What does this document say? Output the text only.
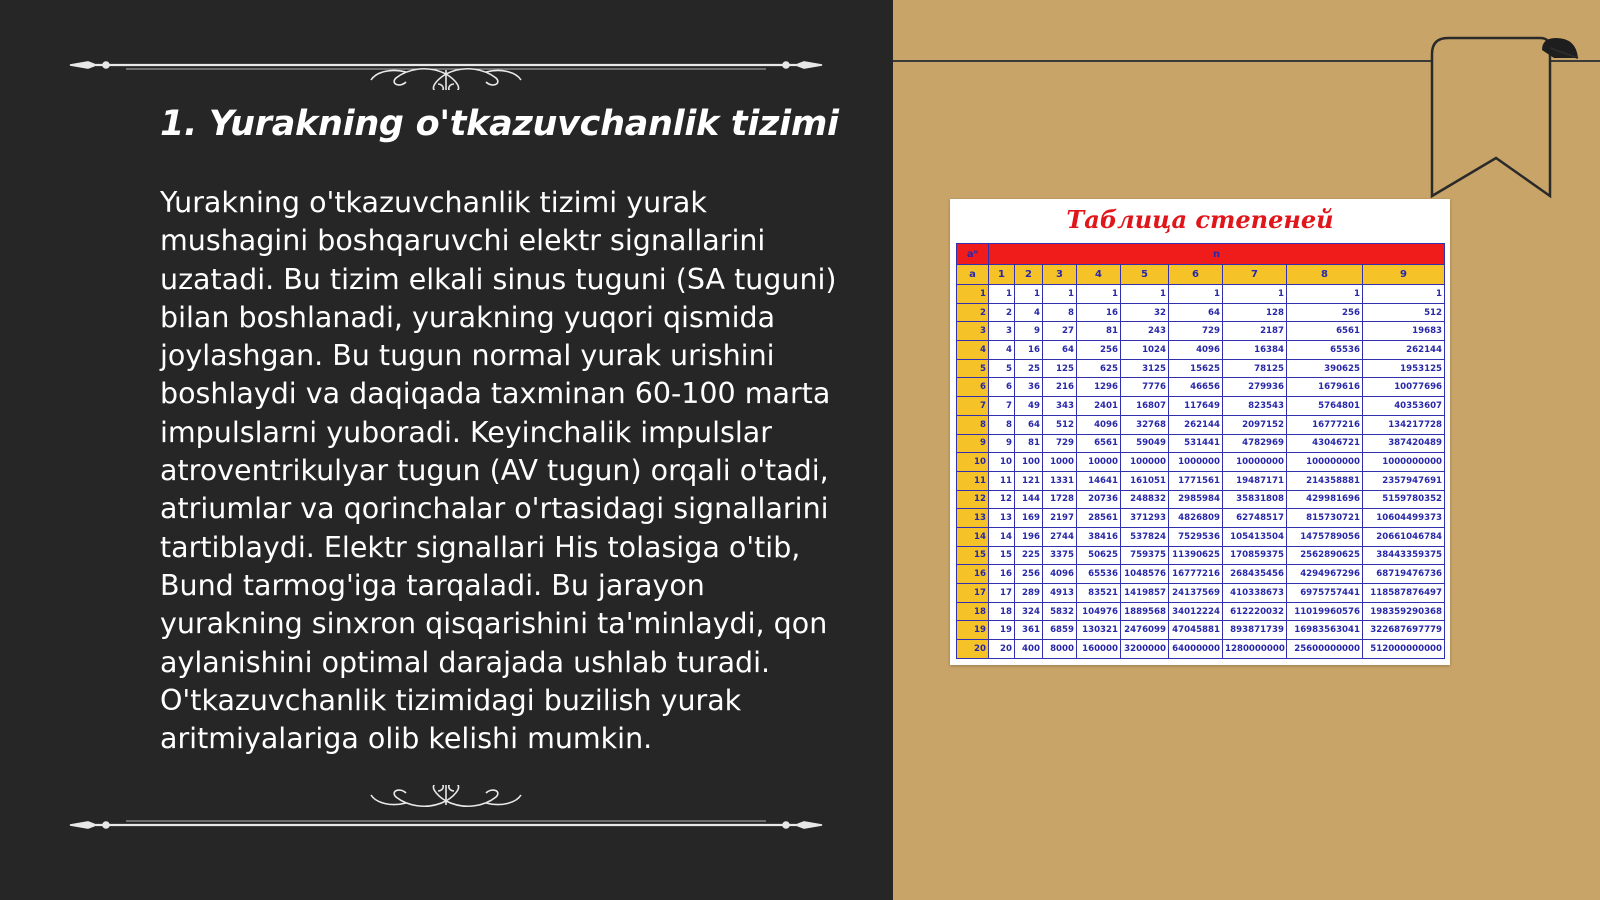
1. Yurakning o'tkazuvchanlik tizimi

Yurakning o'tkazuvchanlik tizimi yurak mushagini boshqaruvchi elektr signallarini uzatadi. Bu tizim elkali sinus tuguni (SA tuguni) bilan boshlanadi, yurakning yuqori qismida joylashgan. Bu tugun normal yurak urishini boshlaydi va daqiqada taxminan 60-100 marta impulslarni yuboradi. Keyinchalik impulslar atroventrikulyar tugun (AV tugun) orqali o'tadi, atriumlar va qorinchalar o'rtasidagi signallarini tartiblaydi. Elektr signallari His tolasiga o'tib, Bund tarmog'iga tarqaladi. Bu jarayon yurakning sinxron qisqarishini ta'minlaydi, qon aylanishini optimal darajada ushlab turadi. O'tkazuvchanlik tizimidagi buzilish yurak aritmiyalariga olib kelishi mumkin.

Таблица степеней
aⁿ	n								
a	1	2	3	4	5	6	7	8	9
1	1	1	1	1	1	1	1	1	1
2	2	4	8	16	32	64	128	256	512
3	3	9	27	81	243	729	2187	6561	19683
4	4	16	64	256	1024	4096	16384	65536	262144
5	5	25	125	625	3125	15625	78125	390625	1953125
6	6	36	216	1296	7776	46656	279936	1679616	10077696
7	7	49	343	2401	16807	117649	823543	5764801	40353607
8	8	64	512	4096	32768	262144	2097152	16777216	134217728
9	9	81	729	6561	59049	531441	4782969	43046721	387420489
10	10	100	1000	10000	100000	1000000	10000000	100000000	1000000000
11	11	121	1331	14641	161051	1771561	19487171	214358881	2357947691
12	12	144	1728	20736	248832	2985984	35831808	429981696	5159780352
13	13	169	2197	28561	371293	4826809	62748517	815730721	10604499373
14	14	196	2744	38416	537824	7529536	105413504	1475789056	20661046784
15	15	225	3375	50625	759375	11390625	170859375	2562890625	38443359375
16	16	256	4096	65536	1048576	16777216	268435456	4294967296	68719476736
17	17	289	4913	83521	1419857	24137569	410338673	6975757441	118587876497
18	18	324	5832	104976	1889568	34012224	612220032	11019960576	198359290368
19	19	361	6859	130321	2476099	47045881	893871739	16983563041	322687697779
20	20	400	8000	160000	3200000	64000000	1280000000	25600000000	512000000000
